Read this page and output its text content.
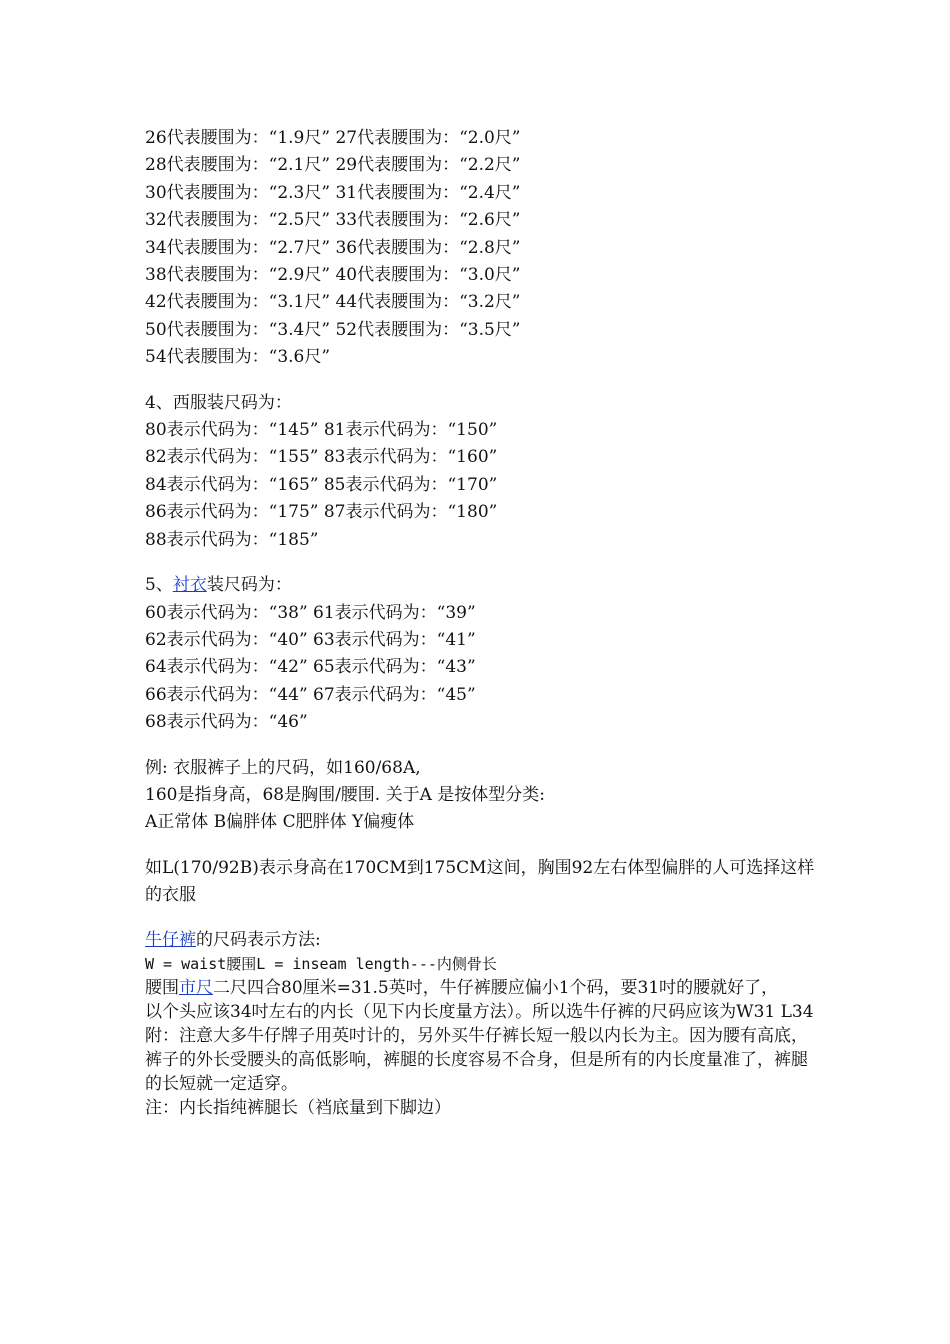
26代表腰围为：“1.9尺” 27代表腰围为：“2.0尺”

28代表腰围为：“2.1尺” 29代表腰围为：“2.2尺”

30代表腰围为：“2.3尺” 31代表腰围为：“2.4尺”

32代表腰围为：“2.5尺” 33代表腰围为：“2.6尺”

34代表腰围为：“2.7尺” 36代表腰围为：“2.8尺”

38代表腰围为：“2.9尺” 40代表腰围为：“3.0尺”

42代表腰围为：“3.1尺” 44代表腰围为：“3.2尺”

50代表腰围为：“3.4尺” 52代表腰围为：“3.5尺”

54代表腰围为：“3.6尺”

4、西服装尺码为：

80表示代码为：“145” 81表示代码为：“150”

82表示代码为：“155” 83表示代码为：“160”

84表示代码为：“165” 85表示代码为：“170”

86表示代码为：“175” 87表示代码为：“180”

88表示代码为：“185”

5、衬衣装尺码为：

60表示代码为：“38” 61表示代码为：“39”

62表示代码为：“40” 63表示代码为：“41”

64表示代码为：“42” 65表示代码为：“43”

66表示代码为：“44” 67表示代码为：“45”

68表示代码为：“46”

例: 衣服裤子上的尺码，如160/68A,

160是指身高，68是胸围/腰围. 关于A 是按体型分类:

A正常体 B偏胖体 C肥胖体 Y偏瘦体

如L(170/92B)表示身高在170CM到175CM这间，胸围92左右体型偏胖的人可选择这样的衣服

牛仔裤的尺码表示方法:

W = waist腰围L = inseam length---内侧骨长

腰围市尺二尺四合80厘米=31.5英吋，牛仔裤腰应偏小1个码，要31吋的腰就好了，

以个头应该34吋左右的内长（见下内长度量方法）。所以选牛仔裤的尺码应该为W31 L34

附：注意大多牛仔牌子用英吋计的，另外买牛仔裤长短一般以内长为主。因为腰有高底，裤子的外长受腰头的高低影响，裤腿的长度容易不合身，但是所有的内长度量准了，裤腿的长短就一定适穿。

注：内长指纯裤腿长（裆底量到下脚边）
